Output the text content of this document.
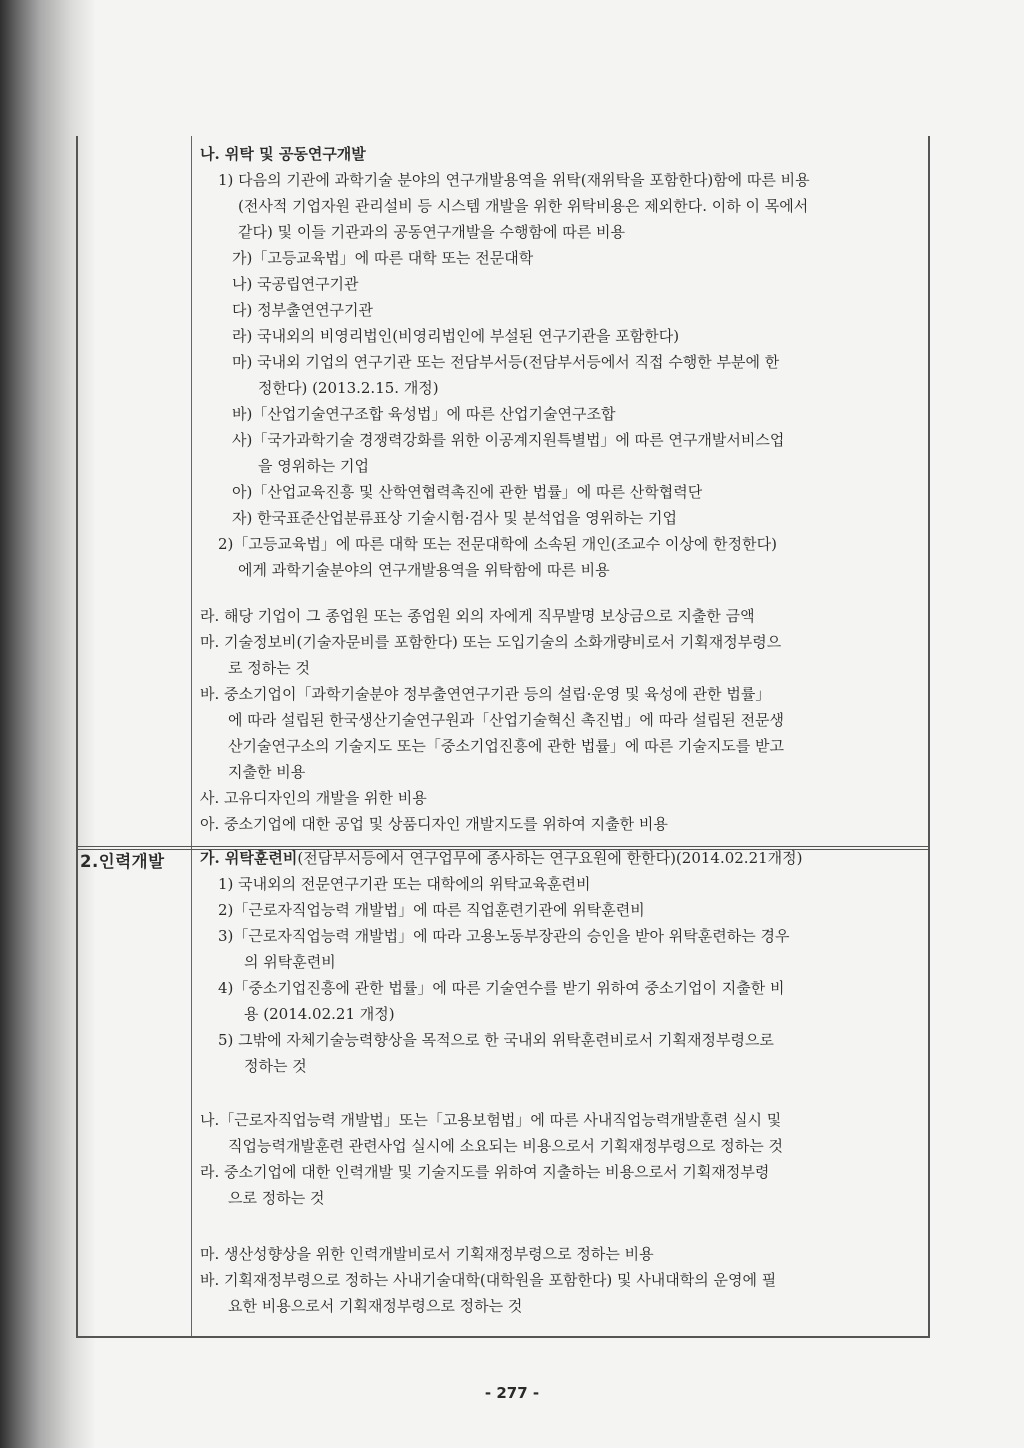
2.인력개발
나. 위탁 및 공동연구개발
1) 다음의 기관에 과학기술 분야의 연구개발용역을 위탁(재위탁을 포함한다)함에 따른 비용
(전사적 기업자원 관리설비 등 시스템 개발을 위한 위탁비용은 제외한다. 이하 이 목에서
같다) 및 이들 기관과의 공동연구개발을 수행함에 따른 비용
가)「고등교육법」에 따른 대학 또는 전문대학
나) 국공립연구기관
다) 정부출연연구기관
라) 국내외의 비영리법인(비영리법인에 부설된 연구기관을 포함한다)
마) 국내외 기업의 연구기관 또는 전담부서등(전담부서등에서 직접 수행한 부분에 한
정한다) (2013.2.15. 개정)
바)「산업기술연구조합 육성법」에 따른 산업기술연구조합
사)「국가과학기술 경쟁력강화를 위한 이공계지원특별법」에 따른 연구개발서비스업
을 영위하는 기업
아)「산업교육진흥 및 산학연협력촉진에 관한 법률」에 따른 산학협력단
자) 한국표준산업분류표상 기술시험·검사 및 분석업을 영위하는 기업
2)「고등교육법」에 따른 대학 또는 전문대학에 소속된 개인(조교수 이상에 한정한다)
에게 과학기술분야의 연구개발용역을 위탁함에 따른 비용
라. 해당 기업이 그 종업원 또는 종업원 외의 자에게 직무발명 보상금으로 지출한 금액
마. 기술정보비(기술자문비를 포함한다) 또는 도입기술의 소화개량비로서 기획재정부령으
로 정하는 것
바. 중소기업이「과학기술분야 정부출연연구기관 등의 설립·운영 및 육성에 관한 법률」
에 따라 설립된 한국생산기술연구원과「산업기술혁신 촉진법」에 따라 설립된 전문생
산기술연구소의 기술지도 또는「중소기업진흥에 관한 법률」에 따른 기술지도를 받고
지출한 비용
사. 고유디자인의 개발을 위한 비용
아. 중소기업에 대한 공업 및 상품디자인 개발지도를 위하여 지출한 비용
가. 위탁훈련비(전담부서등에서 연구업무에 종사하는 연구요원에 한한다)(2014.02.21개정)
1) 국내외의 전문연구기관 또는 대학에의 위탁교육훈련비
2)「근로자직업능력 개발법」에 따른 직업훈련기관에 위탁훈련비
3)「근로자직업능력 개발법」에 따라 고용노동부장관의 승인을 받아 위탁훈련하는 경우
의 위탁훈련비
4)「중소기업진흥에 관한 법률」에 따른 기술연수를 받기 위하여 중소기업이 지출한 비
용 (2014.02.21 개정)
5) 그밖에 자체기술능력향상을 목적으로 한 국내외 위탁훈련비로서 기획재정부령으로
정하는 것
나.「근로자직업능력 개발법」또는「고용보험법」에 따른 사내직업능력개발훈련 실시 및
직업능력개발훈련 관련사업 실시에 소요되는 비용으로서 기획재정부령으로 정하는 것
라. 중소기업에 대한 인력개발 및 기술지도를 위하여 지출하는 비용으로서 기획재정부령
으로 정하는 것
마. 생산성향상을 위한 인력개발비로서 기획재정부령으로 정하는 비용
바. 기획재정부령으로 정하는 사내기술대학(대학원을 포함한다) 및 사내대학의 운영에 필
요한 비용으로서 기획재정부령으로 정하는 것
- 277 -
